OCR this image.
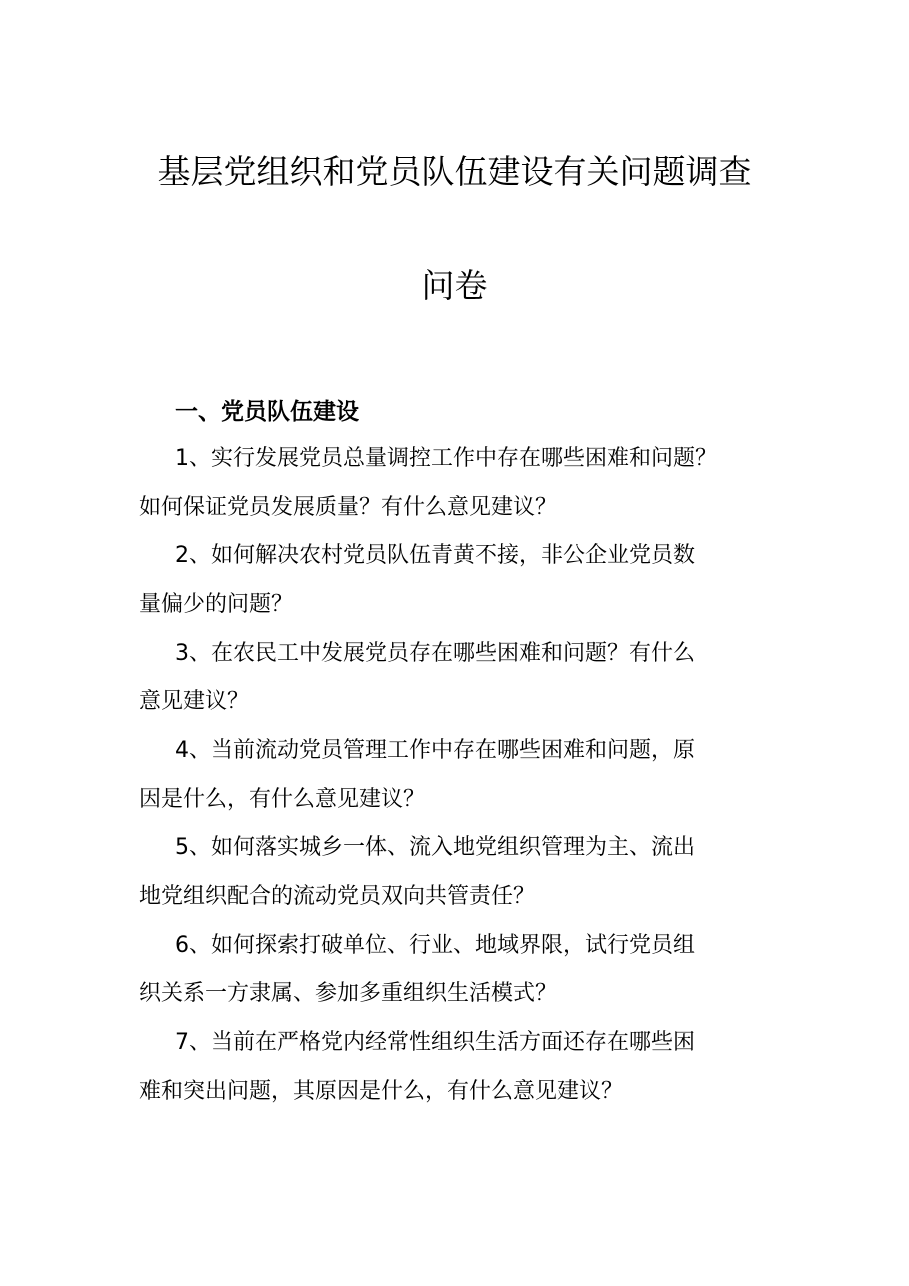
基层党组织和党员队伍建设有关问题调查
问卷
一、党员队伍建设

1、实行发展党员总量调控工作中存在哪些困难和问题？

如何保证党员发展质量？有什么意见建议？

2、如何解决农村党员队伍青黄不接，非公企业党员数

量偏少的问题？

3、在农民工中发展党员存在哪些困难和问题？有什么

意见建议？

4、当前流动党员管理工作中存在哪些困难和问题，原

因是什么，有什么意见建议？

5、如何落实城乡一体、流入地党组织管理为主、流出

地党组织配合的流动党员双向共管责任？

6、如何探索打破单位、行业、地域界限，试行党员组

织关系一方隶属、参加多重组织生活模式？

7、当前在严格党内经常性组织生活方面还存在哪些困

难和突出问题，其原因是什么，有什么意见建议？
